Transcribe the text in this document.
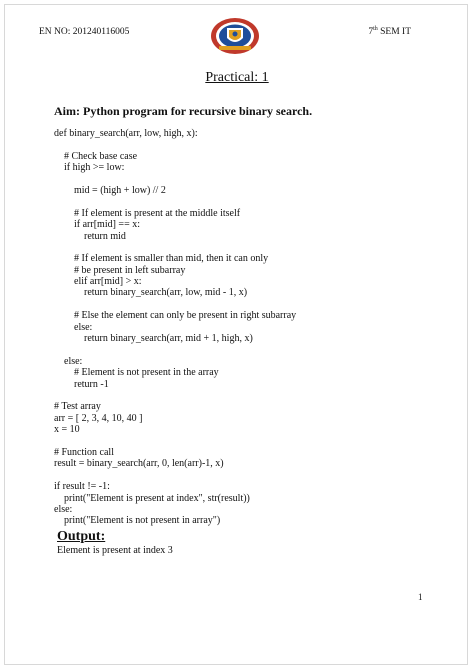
EN NO: 201240116005	7th SEM IT
Practical: 1
Aim: Python program for recursive binary search.
def binary_search(arr, low, high, x):
# Check base case
if high >= low:
mid = (high + low) // 2
# If element is present at the middle itself
if arr[mid] == x:
return mid
# If element is smaller than mid, then it can only
# be present in left subarray
elif arr[mid] > x:
return binary_search(arr, low, mid - 1, x)
# Else the element can only be present in right subarray
else:
return binary_search(arr, mid + 1, high, x)
else:
# Element is not present in the array
return -1
# Test array
arr = [ 2, 3, 4, 10, 40 ]
x = 10
# Function call
result = binary_search(arr, 0, len(arr)-1, x)
if result != -1:
print("Element is present at index", str(result))
else:
print("Element is not present in array")
Output:
Element is present at index 3
1
